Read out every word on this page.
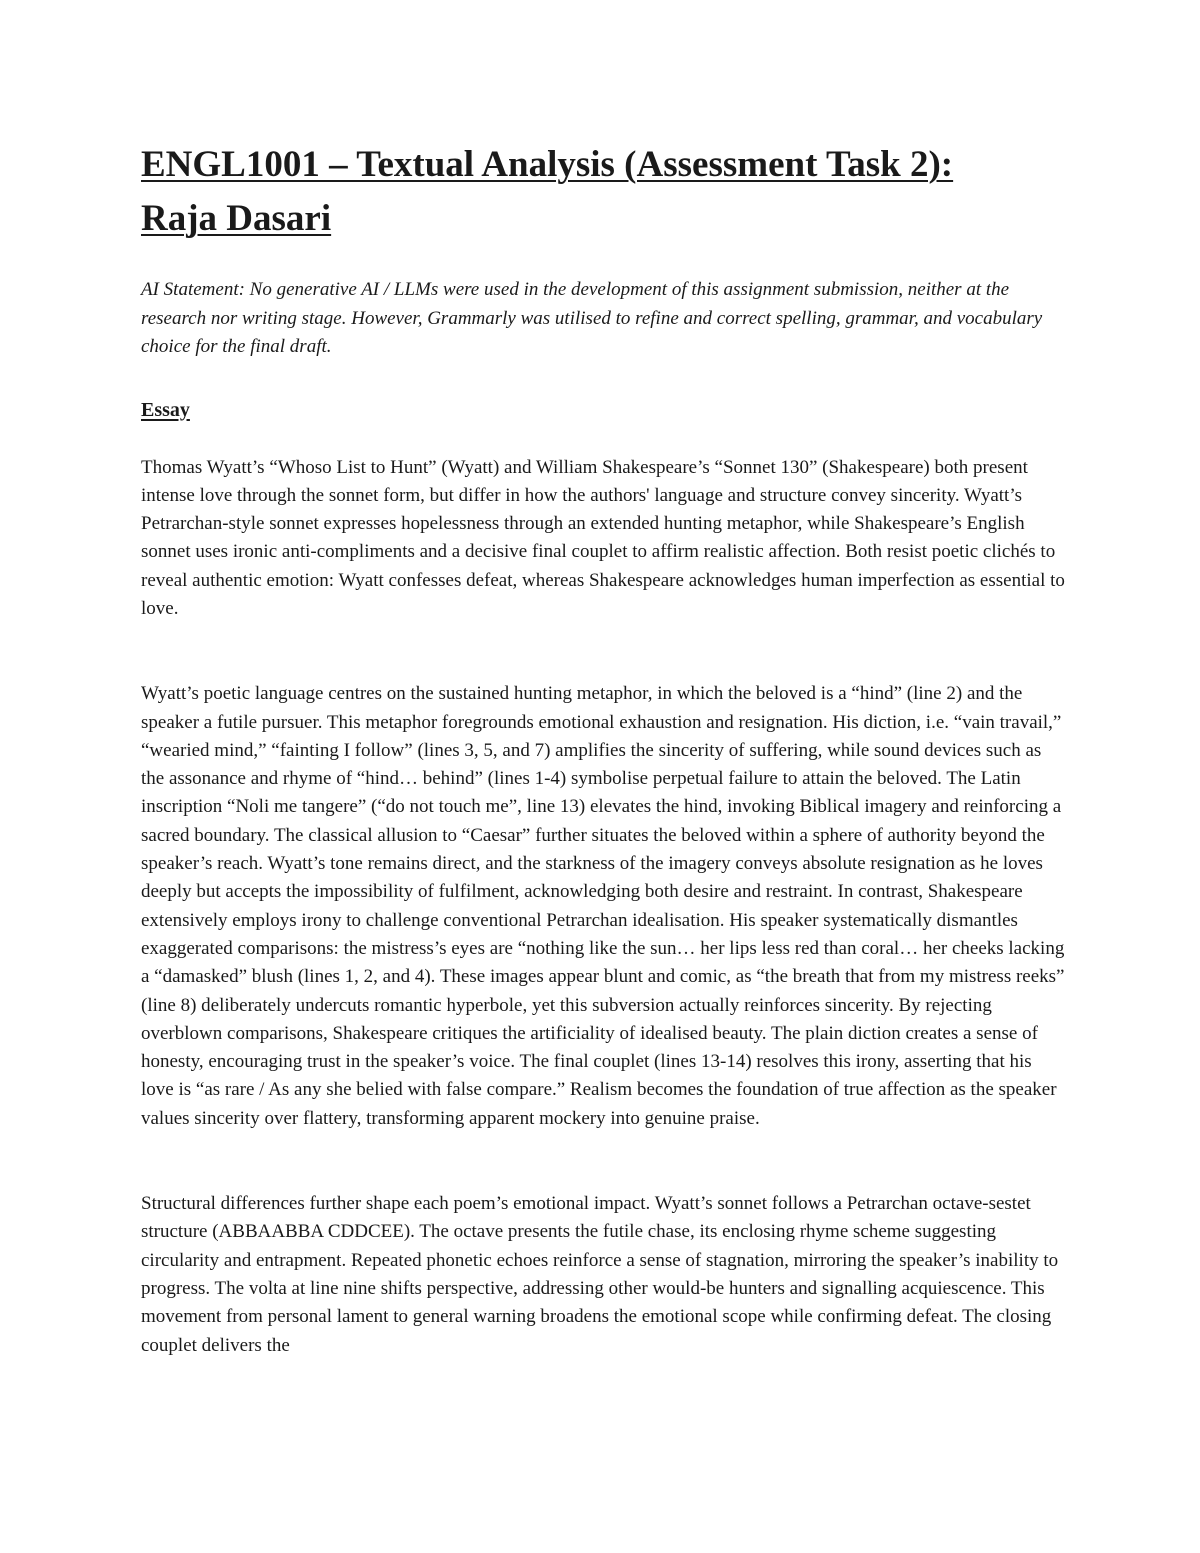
ENGL1001 – Textual Analysis (Assessment Task 2):
Raja Dasari

AI Statement: No generative AI / LLMs were used in the development of this assignment submission, neither at the research nor writing stage. However, Grammarly was utilised to refine and correct spelling, grammar, and vocabulary choice for the final draft.

Essay

Thomas Wyatt’s “Whoso List to Hunt” (Wyatt) and William Shakespeare’s “Sonnet 130” (Shakespeare) both present intense love through the sonnet form, but differ in how the authors' language and structure convey sincerity. Wyatt’s Petrarchan-style sonnet expresses hopelessness through an extended hunting metaphor, while Shakespeare’s English sonnet uses ironic anti-compliments and a decisive final couplet to affirm realistic affection. Both resist poetic clichés to reveal authentic emotion: Wyatt confesses defeat, whereas Shakespeare acknowledges human imperfection as essential to love.

Wyatt’s poetic language centres on the sustained hunting metaphor, in which the beloved is a “hind” (line 2) and the speaker a futile pursuer. This metaphor foregrounds emotional exhaustion and resignation. His diction, i.e. “vain travail,” “wearied mind,” “fainting I follow” (lines 3, 5, and 7) amplifies the sincerity of suffering, while sound devices such as the assonance and rhyme of “hind… behind” (lines 1-4) symbolise perpetual failure to attain the beloved. The Latin inscription “Noli me tangere” (“do not touch me”, line 13) elevates the hind, invoking Biblical imagery and reinforcing a sacred boundary. The classical allusion to “Caesar” further situates the beloved within a sphere of authority beyond the speaker’s reach. Wyatt’s tone remains direct, and the starkness of the imagery conveys absolute resignation as he loves deeply but accepts the impossibility of fulfilment, acknowledging both desire and restraint. In contrast, Shakespeare extensively employs irony to challenge conventional Petrarchan idealisation. His speaker systematically dismantles exaggerated comparisons: the mistress’s eyes are “nothing like the sun… her lips less red than coral… her cheeks lacking a “damasked” blush (lines 1, 2, and 4). These images appear blunt and comic, as “the breath that from my mistress reeks” (line 8) deliberately undercuts romantic hyperbole, yet this subversion actually reinforces sincerity. By rejecting overblown comparisons, Shakespeare critiques the artificiality of idealised beauty. The plain diction creates a sense of honesty, encouraging trust in the speaker’s voice. The final couplet (lines 13-14) resolves this irony, asserting that his love is “as rare / As any she belied with false compare.” Realism becomes the foundation of true affection as the speaker values sincerity over flattery, transforming apparent mockery into genuine praise.

Structural differences further shape each poem’s emotional impact. Wyatt’s sonnet follows a Petrarchan octave-sestet structure (ABBAABBA CDDCEE). The octave presents the futile chase, its enclosing rhyme scheme suggesting circularity and entrapment. Repeated phonetic echoes reinforce a sense of stagnation, mirroring the speaker’s inability to progress. The volta at line nine shifts perspective, addressing other would-be hunters and signalling acquiescence. This movement from personal lament to general warning broadens the emotional scope while confirming defeat. The closing couplet delivers the
